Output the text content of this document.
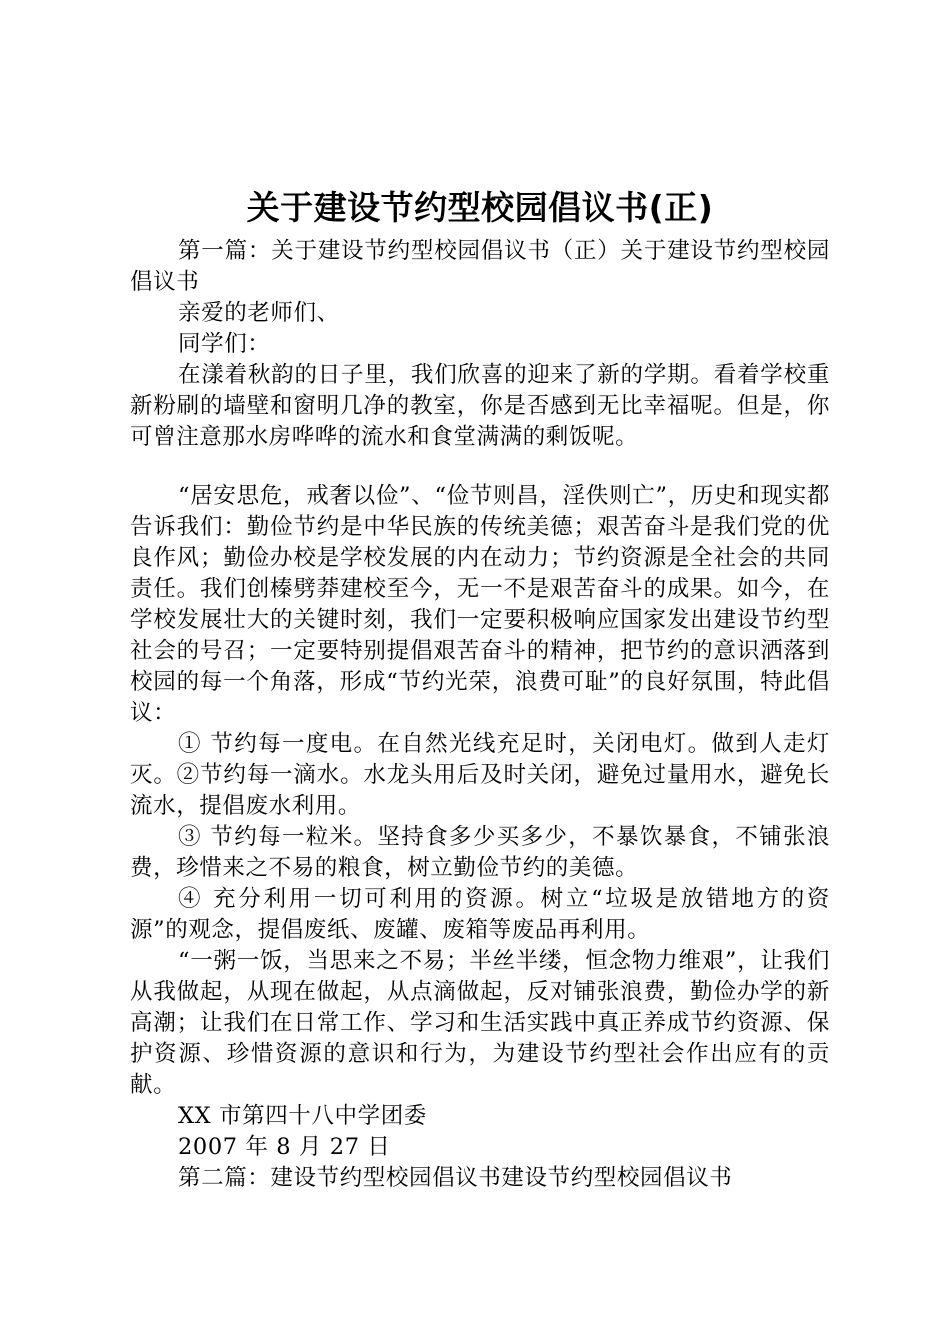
关于建设节约型校园倡议书(正)

第一篇：关于建设节约型校园倡议书（正）关于建设节约型校园倡议书

亲爱的老师们、

同学们：

在漾着秋韵的日子里，我们欣喜的迎来了新的学期。看着学校重新粉刷的墙壁和窗明几净的教室，你是否感到无比幸福呢。但是，你可曾注意那水房哗哗的流水和食堂满满的剩饭呢。

“居安思危，戒奢以俭”、“俭节则昌，淫佚则亡”，历史和现实都告诉我们：勤俭节约是中华民族的传统美德；艰苦奋斗是我们党的优良作风；勤俭办校是学校发展的内在动力；节约资源是全社会的共同责任。我们创榛劈莽建校至今，无一不是艰苦奋斗的成果。如今，在学校发展壮大的关键时刻，我们一定要积极响应国家发出建设节约型社会的号召；一定要特别提倡艰苦奋斗的精神，把节约的意识洒落到校园的每一个角落，形成“节约光荣，浪费可耻”的良好氛围，特此倡议：

① 节约每一度电。在自然光线充足时，关闭电灯。做到人走灯灭。②节约每一滴水。水龙头用后及时关闭，避免过量用水，避免长流水，提倡废水利用。

③ 节约每一粒米。坚持食多少买多少，不暴饮暴食，不铺张浪费，珍惜来之不易的粮食，树立勤俭节约的美德。

④ 充分利用一切可利用的资源。树立“垃圾是放错地方的资源”的观念，提倡废纸、废罐、废箱等废品再利用。

“一粥一饭，当思来之不易；半丝半缕，恒念物力维艰”，让我们从我做起，从现在做起，从点滴做起，反对铺张浪费，勤俭办学的新高潮；让我们在日常工作、学习和生活实践中真正养成节约资源、保护资源、珍惜资源的意识和行为，为建设节约型社会作出应有的贡献。

XX 市第四十八中学团委

2007 年 8 月 27 日

第二篇：建设节约型校园倡议书建设节约型校园倡议书
